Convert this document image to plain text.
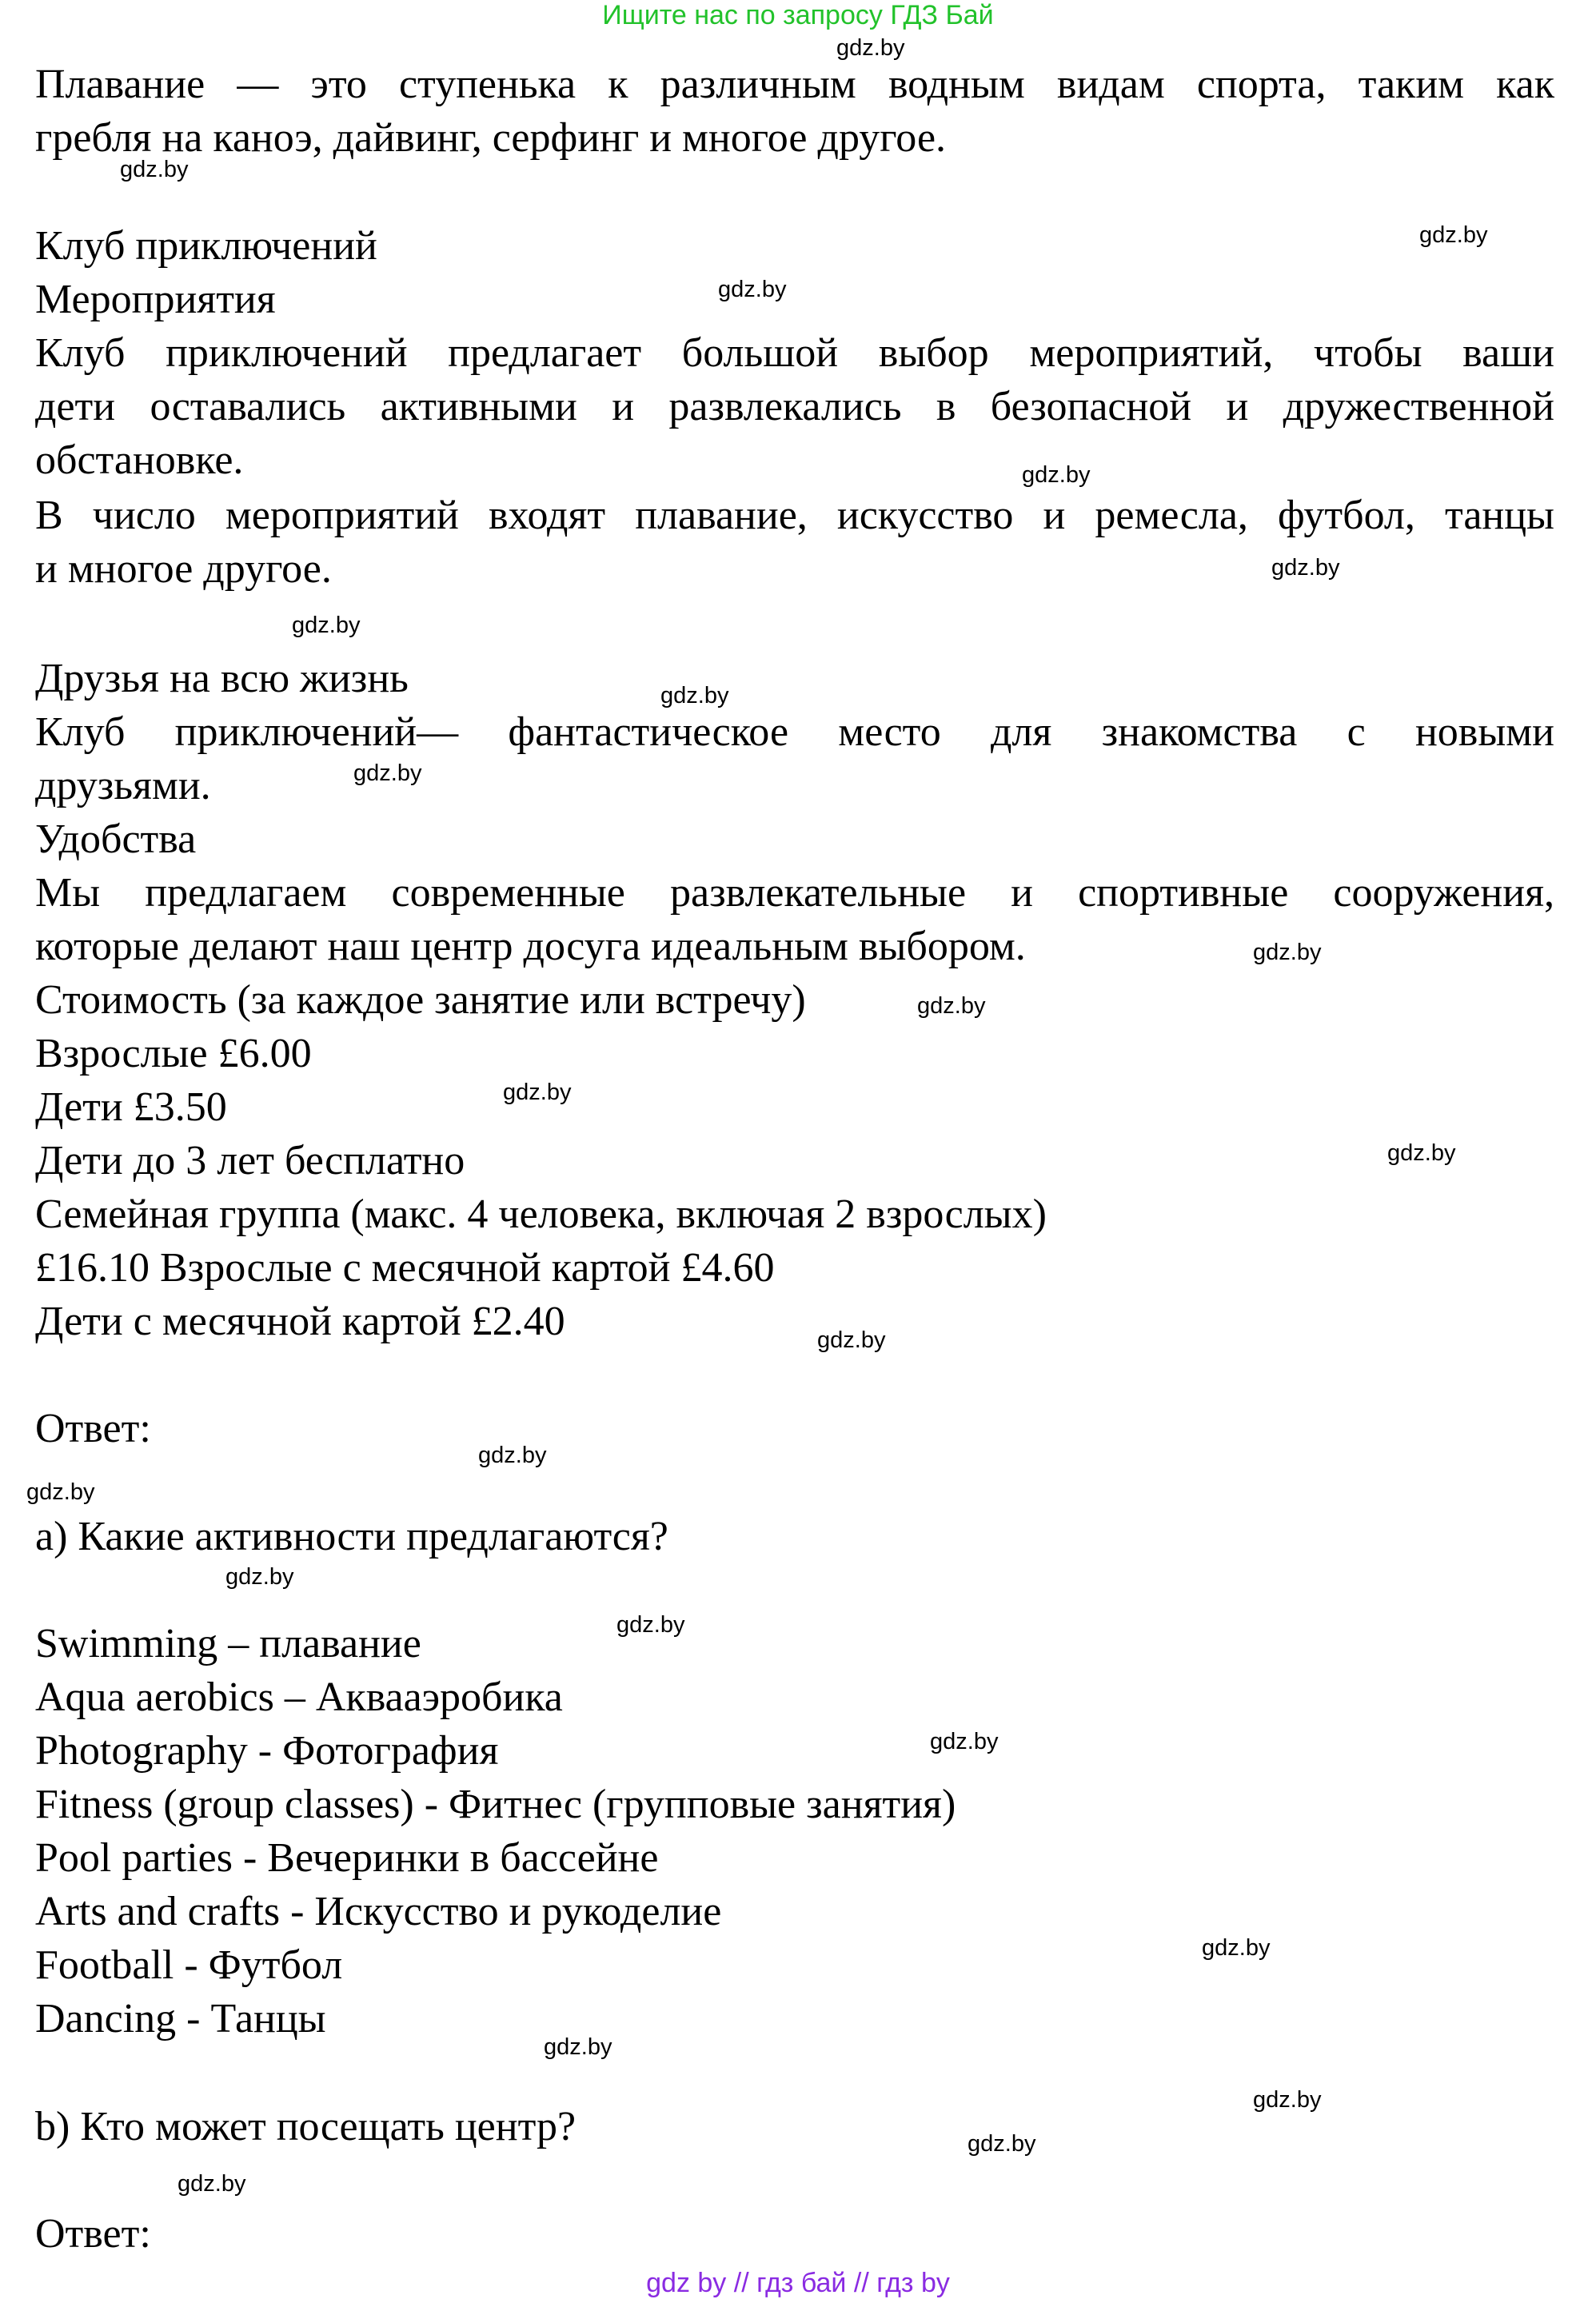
Ищите нас по запросу ГДЗ Бай
Плавание — это ступенька к различным водным видам спорта, таким как
гребля на каноэ, дайвинг, серфинг и многое другое.
Клуб приключений
Мероприятия
Клуб приключений предлагает большой выбор мероприятий, чтобы ваши
дети оставались активными и развлекались в безопасной и дружественной
обстановке.
В число мероприятий входят плавание, искусство и ремесла, футбол, танцы
и многое другое.
Друзья на всю жизнь
Клуб приключений— фантастическое место для знакомства с новыми
друзьями.
Удобства
Мы предлагаем современные развлекательные и спортивные сооружения,
которые делают наш центр досуга идеальным выбором.
Стоимость (за каждое занятие или встречу)
Взрослые £6.00
Дети £3.50
Дети до 3 лет бесплатно
Семейная группа (макс. 4 человека, включая 2 взрослых)
£16.10 Взрослые с месячной картой £4.60
Дети с месячной картой £2.40
Ответ:
a) Какие активности предлагаются?
Swimming – плавание
Aqua aerobics – Аквааэробика
Photography - Фотография
Fitness (group classes) - Фитнес (групповые занятия)
Pool parties - Вечеринки в бассейне
Arts and crafts - Искусство и рукоделие
Football - Футбол
Dancing - Танцы
b) Кто может посещать центр?
Ответ:
gdz.by
gdz.by
gdz.by
gdz.by
gdz.by
gdz.by
gdz.by
gdz.by
gdz.by
gdz.by
gdz.by
gdz.by
gdz.by
gdz.by
gdz.by
gdz.by
gdz.by
gdz.by
gdz.by
gdz.by
gdz.by
gdz.by
gdz.by
gdz.by
gdz by // гдз бай // гдз by
